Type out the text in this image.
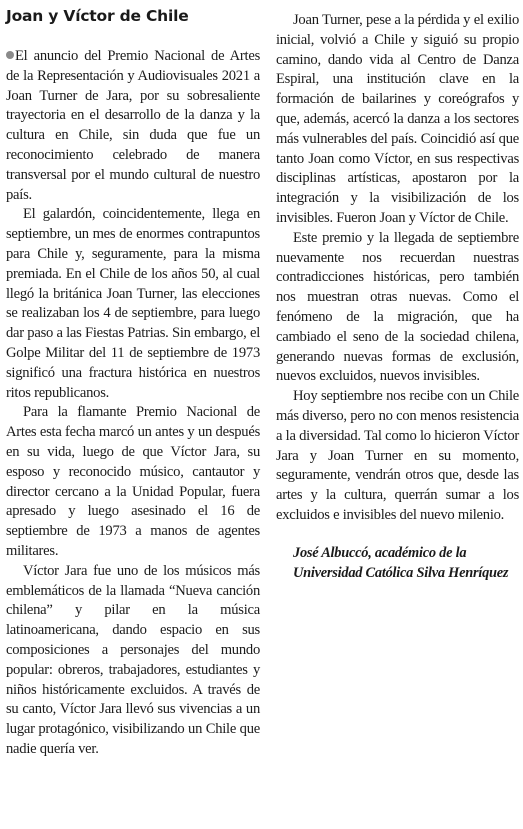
Joan y Víctor de Chile

El anuncio del Premio Nacional de Artes de la Representación y Audiovisuales 2021 a Joan Turner de Jara, por su sobresaliente trayectoria en el desarrollo de la danza y la cultura en Chile, sin duda que fue un reconocimiento celebrado de manera transversal por el mundo cultural de nuestro país.

El galardón, coincidentemente, llega en septiembre, un mes de enormes contrapuntos para Chile y, seguramente, para la misma premiada. En el Chile de los años 50, al cual llegó la británica Joan Turner, las elecciones se realizaban los 4 de septiembre, para luego dar paso a las Fiestas Patrias. Sin embargo, el Golpe Militar del 11 de septiembre de 1973 significó una fractura histórica en nuestros ritos republicanos.

Para la flamante Premio Nacional de Artes esta fecha marcó un antes y un después en su vida, luego de que Víctor Jara, su esposo y reconocido músico, cantautor y director cercano a la Unidad Popular, fuera apresado y luego asesinado el 16 de septiembre de 1973 a manos de agentes militares.

Víctor Jara fue uno de los músicos más emblemáticos de la llamada “Nueva canción chilena” y pilar en la música latinoamericana, dando espacio en sus composiciones a personajes del mundo popular: obreros, trabajadores, estudiantes y niños históricamente excluidos. A través de su canto, Víctor Jara llevó sus vivencias a un lugar protagónico, visibilizando un Chile que nadie quería ver.

Joan Turner, pese a la pérdida y el exilio inicial, volvió a Chile y siguió su propio camino, dando vida al Centro de Danza Espiral, una institución clave en la formación de bailarines y coreógrafos y que, además, acercó la danza a los sectores más vulnerables del país. Coincidió así que tanto Joan como Víctor, en sus respectivas disciplinas artísticas, apostaron por la integración y la visibilización de los invisibles. Fueron Joan y Víctor de Chile.

Este premio y la llegada de septiembre nuevamente nos recuerdan nuestras contradicciones históricas, pero también nos muestran otras nuevas. Como el fenómeno de la migración, que ha cambiado el seno de la sociedad chilena, generando nuevas formas de exclusión, nuevos excluidos, nuevos invisibles.

Hoy septiembre nos recibe con un Chile más diverso, pero no con menos resistencia a la diversidad. Tal como lo hicieron Víctor Jara y Joan Turner en su momento, seguramente, vendrán otros que, desde las artes y la cultura, querrán sumar a los excluidos e invisibles del nuevo milenio.

José Albuccó, académico de la Universidad Católica Silva Henríquez
